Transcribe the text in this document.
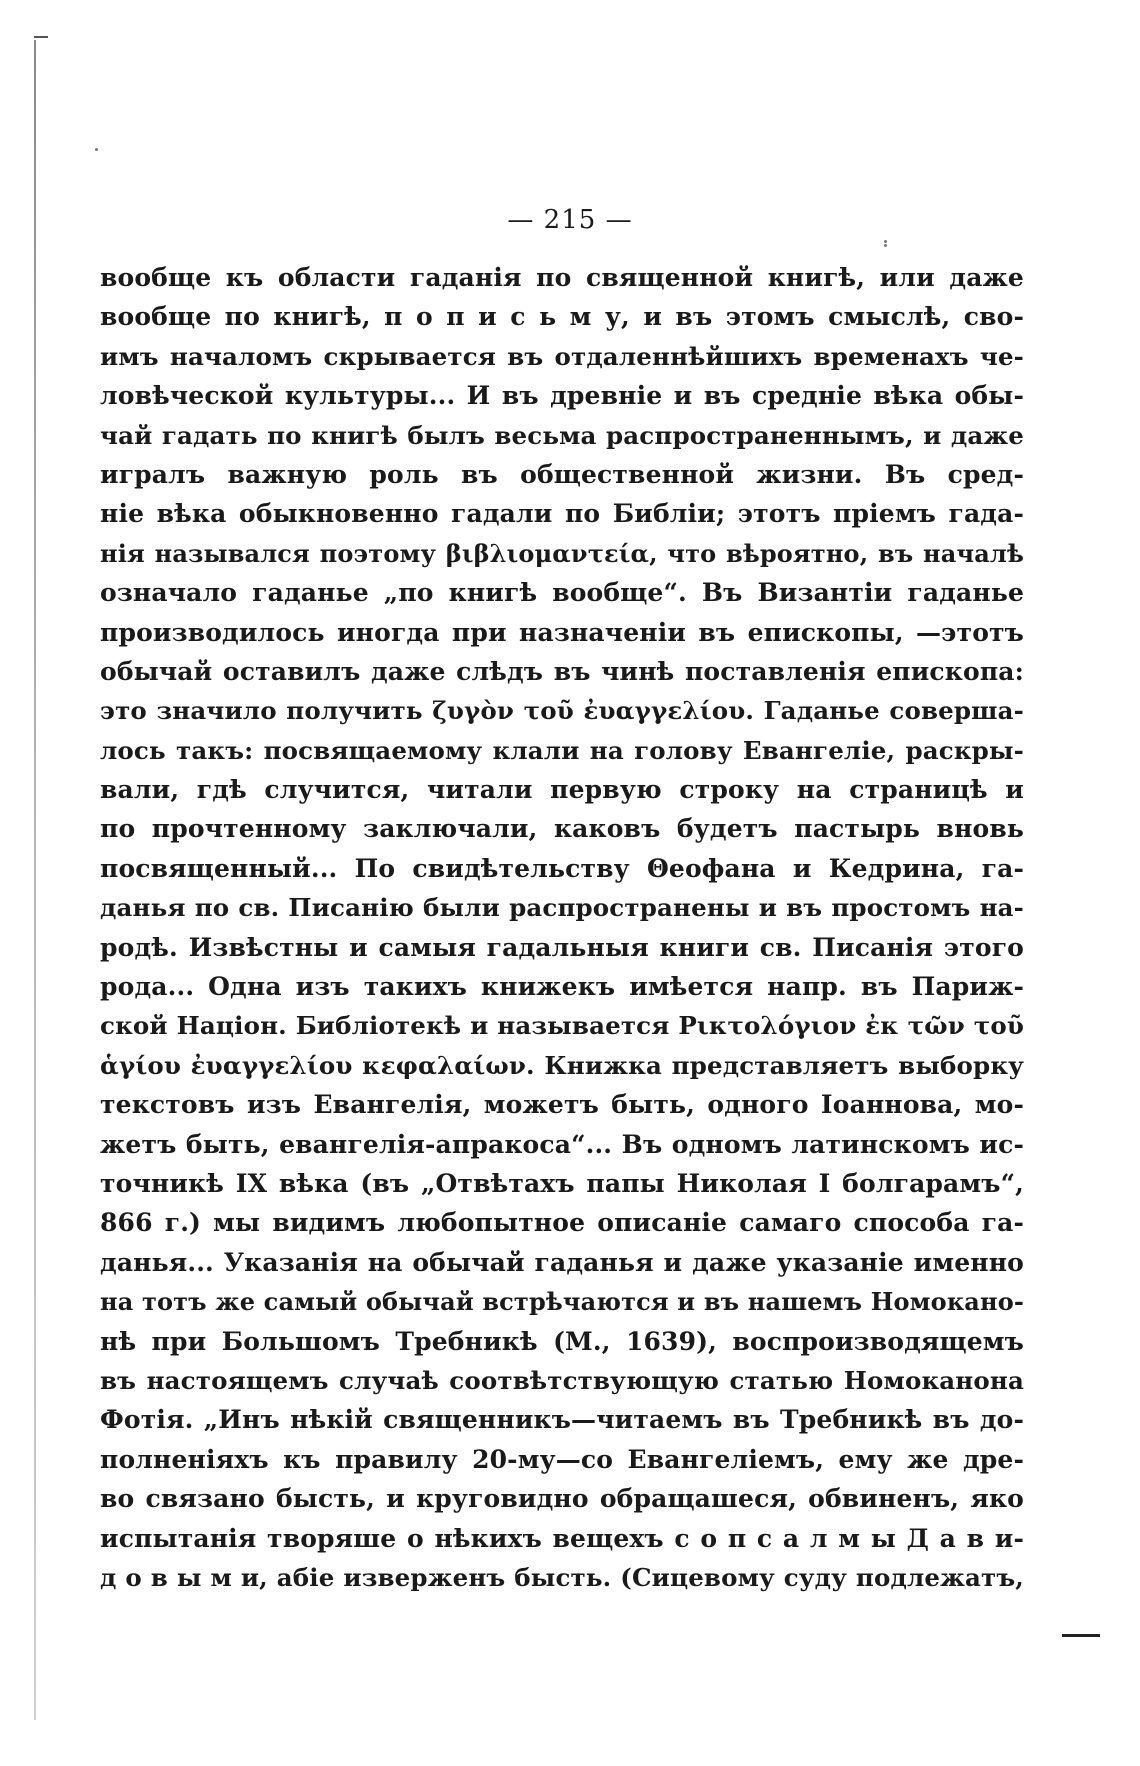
— 215 —
вообще къ области гаданія по священной книгѣ, или даже
вообще по книгѣ, п о п и с ь м у, и въ этомъ смыслѣ, сво-
имъ началомъ скрывается въ отдаленнѣйшихъ временахъ че-
ловѣческой культуры... И въ древніе и въ средніе вѣка обы-
чай гадать по книгѣ былъ весьма распространеннымъ, и даже
игралъ важную роль въ общественной жизни. Въ сред-
ніе вѣка обыкновенно гадали по Библіи; этотъ пріемъ гада-
нія назывался поэтому βιβλιομαντεία, что вѣроятно, въ началѣ
означало гаданье „по книгѣ вообще“. Въ Византіи гаданье
производилось иногда при назначеніи въ епископы, —этотъ
обычай оставилъ даже слѣдъ въ чинѣ поставленія епископа:
это значило получить ζυγὸν τοῦ ἐυαγγελίου. Гаданье соверша-
лось такъ: посвящаемому клали на голову Евангеліе, раскры-
вали, гдѣ случится, читали первую строку на страницѣ и
по прочтенному заключали, каковъ будетъ пастырь вновь
посвященный... По свидѣтельству Θеофана и Кедрина, га-
данья по св. Писанію были распространены и въ простомъ на-
родѣ. Извѣстны и самыя гадальныя книги св. Писанія этого
рода... Одна изъ такихъ книжекъ имѣется напр. въ Париж-
ской Націон. Библіотекѣ и называется Ρικτολόγιον ἐκ τῶν τοῦ
ἁγίου ἐυαγγελίου κεφαλαίων. Книжка представляетъ выборку
текстовъ изъ Евангелія, можетъ быть, одного Іоаннова, мо-
жетъ быть, евангелія-апракоса“... Въ одномъ латинскомъ ис-
точникѣ IX вѣка (въ „Отвѣтахъ папы Николая I болгарамъ“,
866 г.) мы видимъ любопытное описаніе самаго способа га-
данья... Указанія на обычай гаданья и даже указаніе именно
на тотъ же самый обычай встрѣчаются и въ нашемъ Номокано-
нѣ при Большомъ Требникѣ (М., 1639), воспроизводящемъ
въ настоящемъ случаѣ соотвѣтствующую статью Номоканона
Фотія. „Инъ нѣкій священникъ—читаемъ въ Требникѣ въ до-
полненіяхъ къ правилу 20-му—со Евангеліемъ, ему же дре-
во связано бысть, и круговидно обращашеся, обвиненъ, яко
испытанія творяше о нѣкихъ вещехъ с о п с а л м ы Д а в и-
д о в ы м и, абіе изверженъ бысть. (Сицевому суду подлежатъ,
